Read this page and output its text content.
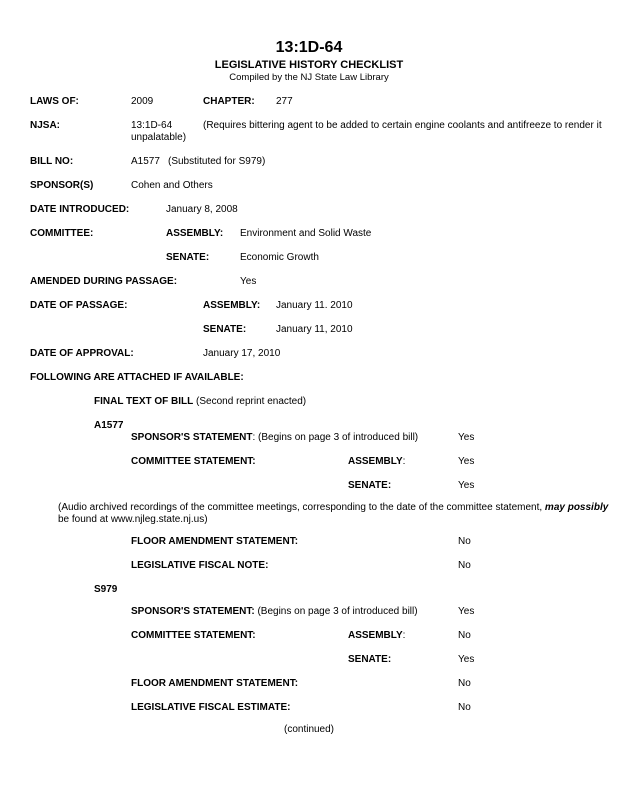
13:1D-64
LEGISLATIVE HISTORY CHECKLIST
Compiled by the NJ State Law Library
LAWS OF:	2009	CHAPTER: 277
NJSA:	13:1D-64	(Requires bittering agent to be added to certain engine coolants and antifreeze to render it
unpalatable)
BILL NO:	A1577 (Substituted for S979)
SPONSOR(S)	Cohen and Others
DATE INTRODUCED:	January 8, 2008
COMMITTEE:	ASSEMBLY: Environment and Solid Waste
SENATE:	Economic Growth
AMENDED DURING PASSAGE:	Yes
DATE OF PASSAGE:	ASSEMBLY: January 11. 2010
SENATE:	January 11, 2010
DATE OF APPROVAL:	January 17, 2010
FOLLOWING ARE ATTACHED IF AVAILABLE:
FINAL TEXT OF BILL (Second reprint enacted)
A1577
SPONSOR'S STATEMENT: (Begins on page 3 of introduced bill)	Yes
COMMITTEE STATEMENT:	ASSEMBLY:	Yes
SENATE:	Yes
(Audio archived recordings of the committee meetings, corresponding to the date of the committee statement, may possibly
be found at www.njleg.state.nj.us)
FLOOR AMENDMENT STATEMENT:	No
LEGISLATIVE FISCAL NOTE:	No
S979
SPONSOR'S STATEMENT: (Begins on page 3 of introduced bill)	Yes
COMMITTEE STATEMENT:	ASSEMBLY:	No
SENATE:	Yes
FLOOR AMENDMENT STATEMENT:	No
LEGISLATIVE FISCAL ESTIMATE:	No
(continued)
